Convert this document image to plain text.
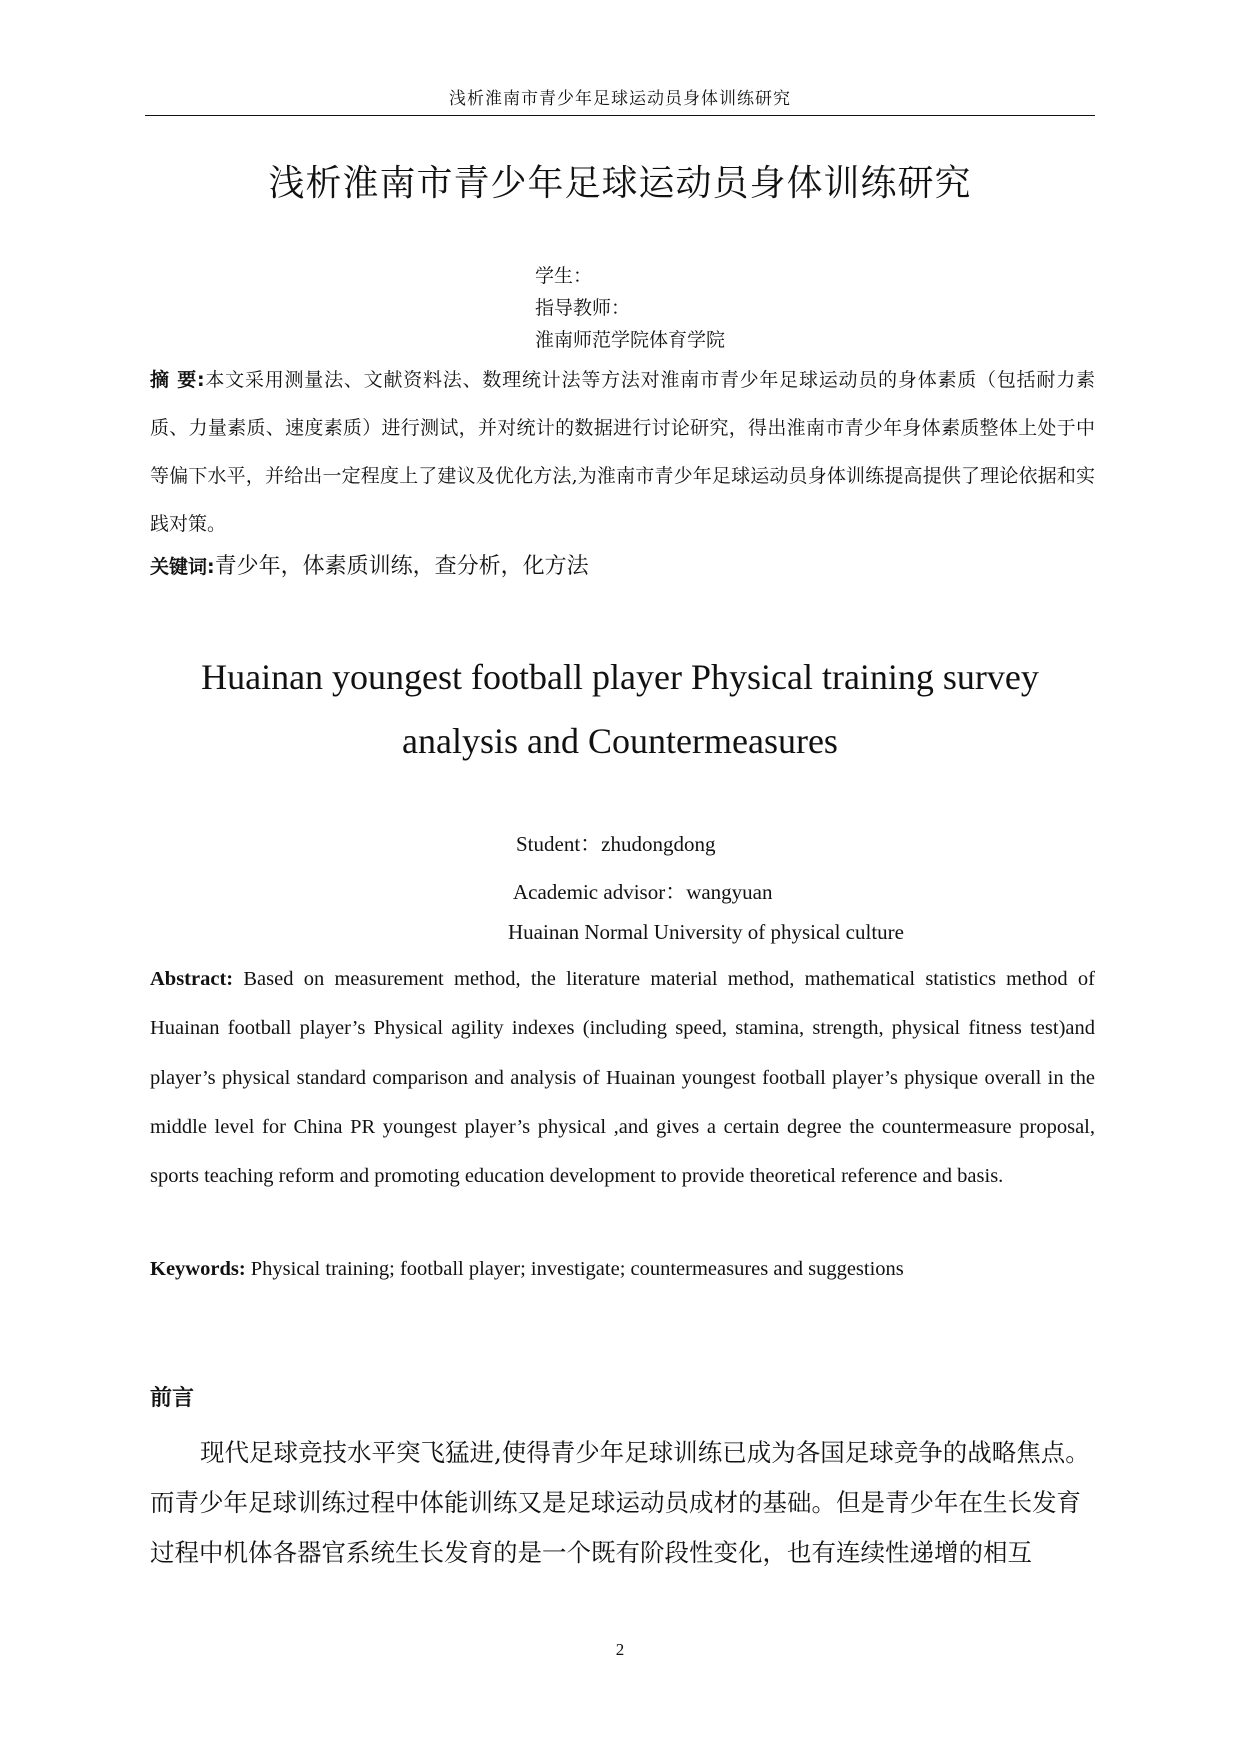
浅析淮南市青少年足球运动员身体训练研究
浅析淮南市青少年足球运动员身体训练研究
学生：
指导教师：
淮南师范学院体育学院
摘 要:本文采用测量法、文献资料法、数理统计法等方法对淮南市青少年足球运动员的身体素质（包括耐力素质、力量素质、速度素质）进行测试，并对统计的数据进行讨论研究，得出淮南市青少年身体素质整体上处于中等偏下水平，并给出一定程度上了建议及优化方法,为淮南市青少年足球运动员身体训练提高提供了理论依据和实践对策。
关键词:青少年，体素质训练，查分析，化方法
Huainan youngest football player Physical training survey
analysis and Countermeasures
Student：zhudongdong
Academic advisor：wangyuan
Huainan Normal University of physical culture
Abstract: Based on measurement method, the literature material method, mathematical statistics method of Huainan football player’s Physical agility indexes (including speed, stamina, strength, physical fitness test)and player’s physical standard comparison and analysis of Huainan youngest football player’s physique overall in the middle level for China PR youngest player’s physical ,and gives a certain degree the countermeasure proposal, sports teaching reform and promoting education development to provide theoretical reference and basis.
Keywords: Physical training; football player; investigate; countermeasures and suggestions
前言
现代足球竞技水平突飞猛进,使得青少年足球训练已成为各国足球竞争的战略焦点。而青少年足球训练过程中体能训练又是足球运动员成材的基础。但是青少年在生长发育过程中机体各器官系统生长发育的是一个既有阶段性变化，也有连续性递增的相互
2
